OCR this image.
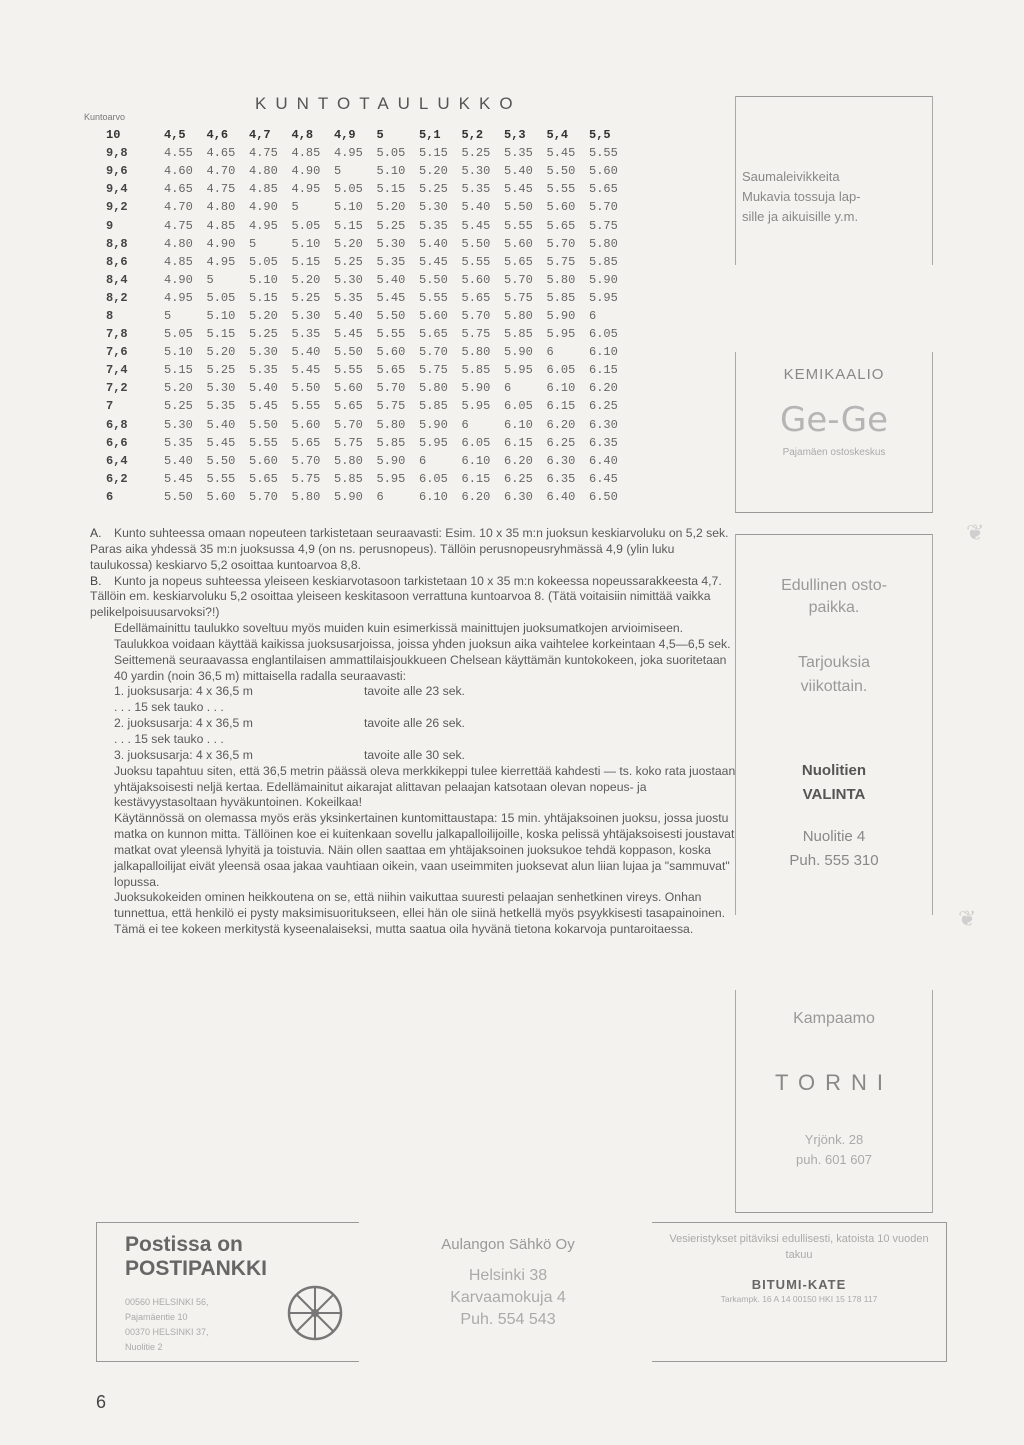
KUNTOTAULUKKO
Kuntoarvo
10	4,5	4,6	4,7	4,8	4,9	5	5,1	5,2	5,3	5,4	5,5
9,8	4.55	4.65	4.75	4.85	4.95	5.05	5.15	5.25	5.35	5.45	5.55
9,6	4.60	4.70	4.80	4.90	5	5.10	5.20	5.30	5.40	5.50	5.60
9,4	4.65	4.75	4.85	4.95	5.05	5.15	5.25	5.35	5.45	5.55	5.65
9,2	4.70	4.80	4.90	5	5.10	5.20	5.30	5.40	5.50	5.60	5.70
9	4.75	4.85	4.95	5.05	5.15	5.25	5.35	5.45	5.55	5.65	5.75
8,8	4.80	4.90	5	5.10	5.20	5.30	5.40	5.50	5.60	5.70	5.80
8,6	4.85	4.95	5.05	5.15	5.25	5.35	5.45	5.55	5.65	5.75	5.85
8,4	4.90	5	5.10	5.20	5.30	5.40	5.50	5.60	5.70	5.80	5.90
8,2	4.95	5.05	5.15	5.25	5.35	5.45	5.55	5.65	5.75	5.85	5.95
8	5	5.10	5.20	5.30	5.40	5.50	5.60	5.70	5.80	5.90	6
7,8	5.05	5.15	5.25	5.35	5.45	5.55	5.65	5.75	5.85	5.95	6.05
7,6	5.10	5.20	5.30	5.40	5.50	5.60	5.70	5.80	5.90	6	6.10
7,4	5.15	5.25	5.35	5.45	5.55	5.65	5.75	5.85	5.95	6.05	6.15
7,2	5.20	5.30	5.40	5.50	5.60	5.70	5.80	5.90	6	6.10	6.20
7	5.25	5.35	5.45	5.55	5.65	5.75	5.85	5.95	6.05	6.15	6.25
6,8	5.30	5.40	5.50	5.60	5.70	5.80	5.90	6	6.10	6.20	6.30
6,6	5.35	5.45	5.55	5.65	5.75	5.85	5.95	6.05	6.15	6.25	6.35
6,4	5.40	5.50	5.60	5.70	5.80	5.90	6	6.10	6.20	6.30	6.40
6,2	5.45	5.55	5.65	5.75	5.85	5.95	6.05	6.15	6.25	6.35	6.45
6	5.50	5.60	5.70	5.80	5.90	6	6.10	6.20	6.30	6.40	6.50

A. Kunto suhteessa omaan nopeuteen tarkistetaan seuraavasti: Esim. 10 x 35 m:n juoksun keskiarvoluku on 5,2 sek. Paras aika yhdessä 35 m:n juoksussa 4,9 (on ns. perusnopeus). Tällöin perusnopeusryhmässä 4,9 (ylin luku taulukossa) keskiarvo 5,2 osoittaa kuntoarvoa 8,8.

B. Kunto ja nopeus suhteessa yleiseen keskiarvotasoon tarkistetaan 10 x 35 m:n kokeessa nopeussarakkeesta 4,7. Tällöin em. keskiarvoluku 5,2 osoittaa yleiseen keskitasoon verrattuna kuntoarvoa 8. (Tätä voitaisiin nimittää vaikka pelikelpoisuusarvoksi?!)

Edellämainittu taulukko soveltuu myös muiden kuin esimerkissä mainittujen juoksumatkojen arvioimiseen. Taulukkoa voidaan käyttää kaikissa juoksusarjoissa, joissa yhden juoksun aika vaihtelee korkeintaan 4,5—6,5 sek.

Seittemenä seuraavassa englantilaisen ammattilaisjoukkueen Chelsean käyttämän kuntokokeen, joka suoritetaan 40 yardin (noin 36,5 m) mittaisella radalla seuraavasti:

1. juoksusarja: 4 x 36,5 m	tavoite alle 23 sek.
. . . 15 sek tauko . . .
2. juoksusarja: 4 x 36,5 m	tavoite alle 26 sek.
. . . 15 sek tauko . . .
3. juoksusarja: 4 x 36,5 m	tavoite alle 30 sek.

Juoksu tapahtuu siten, että 36,5 metrin päässä oleva merkkikeppi tulee kierrettää kahdesti — ts. koko rata juostaan yhtäjaksoisesti neljä kertaa. Edellämainitut aikarajat alittavan pelaajan katsotaan olevan nopeus- ja kestävyystasoltaan hyväkuntoinen. Kokeilkaa!

Käytännössä on olemassa myös eräs yksinkertainen kuntomittaustapa: 15 min. yhtäjaksoinen juoksu, jossa juostu matka on kunnon mitta. Tällöinen koe ei kuitenkaan sovellu jalkapalloilijoille, koska pelissä yhtäjaksoisesti joustavat matkat ovat yleensä lyhyitä ja toistuvia. Näin ollen saattaa em yhtäjaksoinen juoksukoe tehdä koppason, koska jalkapalloilijat eivät yleensä osaa jakaa vauhtiaan oikein, vaan useimmiten juoksevat alun liian lujaa ja "sammuvat" lopussa.

Juoksukokeiden ominen heikkoutena on se, että niihin vaikuttaa suuresti pelaajan senhetkinen vireys. Onhan tunnettua, että henkilö ei pysty maksimisuoritukseen, ellei hän ole siinä hetkellä myös psyykkisesti tasapainoinen. Tämä ei tee kokeen merkitystä kyseenalaiseksi, mutta saatua oila hyvänä tietona kokarvoja puntaroitaessa.

Saumaleivikkeita
Mukavia tossuja lap-
sille ja aikuisille y.m.
KEMIKAALIO
Ge-Ge
Pajamäen ostoskeskus
❦
Edullinen osto-
paikka.
Tarjouksia
viikottain.
Nuolitien
VALINTA
Nuolitie 4
Puh. 555 310
❦
Kampaamo
TORNI
Yrjönk. 28
puh. 601 607
Postissa on
POSTIPANKKI
00560 HELSINKI 56,
Pajamäentie 10
00370 HELSINKI 37,
Nuolitie 2
Aulangon Sähkö Oy
Helsinki 38
Karvaamokuja 4
Puh. 554 543
Vesieristykset pitäviksi edullisesti, katoista 10 vuoden takuu
BITUMI-KATE
Tarkampk. 16 A 14 00150 HKI 15 178 117
6
